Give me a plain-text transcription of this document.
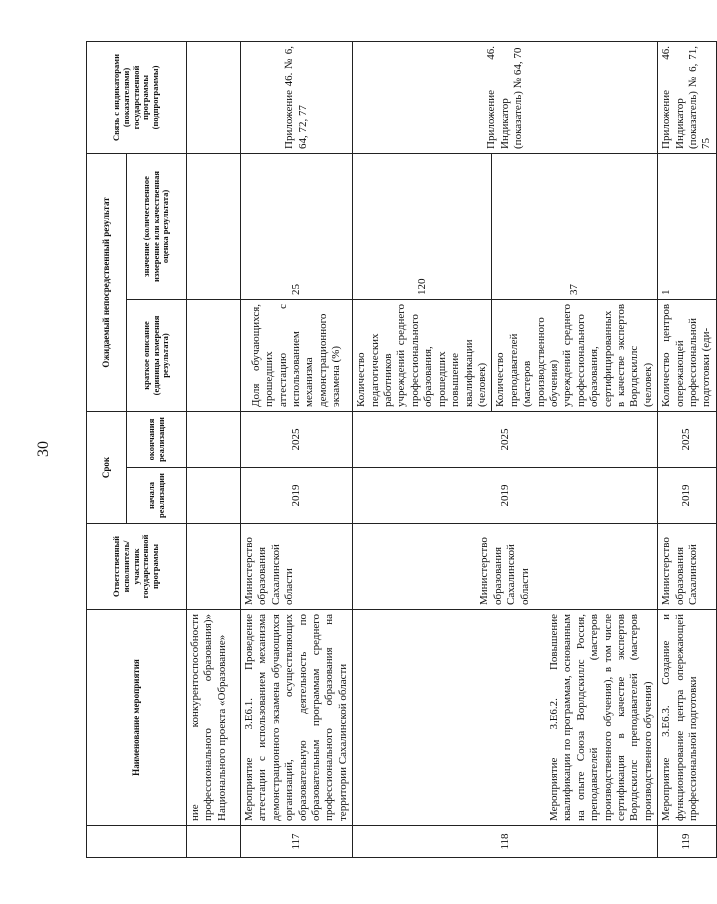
30
	Наименование мероприятия	Ответственный исполнитель/участник государственной программы	Срок		Ожидаемый непосредственный результат		Связь с индикаторами (показателями) государственной программы (подпрограммы)
			начала реализации	окончания реализации	краткое описание (единицы измерения результата)	значение (количественное измерение или качественная оценка результата)	
	ние конкурентоспособности профессионального образования)» Национального проекта «Образование»						
117	Мероприятие 3.Е6.1. Проведение аттестации с использованием механизма демонстрационного экзамена обучающихся организаций, осуществляющих образовательную деятельность по образовательным программам среднего профессионального образования на территории Сахалинской области	Министерство образования Сахалинской области	2019	2025	Доля обучающихся, прошедших аттестацию с использованием механизма демонстрационного экзамена (%)	25	Приложение 46. № 6, 64, 72, 77
118	Мероприятие 3.Е6.2. Повышение квалификации по программам, основанным на опыте Союза Ворлдскиллс Россия, преподавателей (мастеров производственного обучения), в том числе сертификация в качестве экспертов Ворлдскиллс преподавателей (мастеров производственного обучения)	Министерство образования Сахалинской области	2019	2025	Количество педагогических работников учреждений среднего профессионального образования, прошедших повышение квалификации (человек)	120	Приложение 46. Индикатор (показатель) № 64, 70
					Количество преподавателей (мастеров производственного обучения) учреждений среднего профессионального образования, сертифицированных в качестве экспертов Ворлдскиллс (человек)	37	
119	Мероприятие 3.Е6.3. Создание и функционирование центра опережающей профессиональной подготовки	Министерство образования Сахалинской	2019	2025	Количество центров опережающей профессиональной подготовки (еди-	1	Приложение 46. Индикатор (показатель) № 6, 71, 75
